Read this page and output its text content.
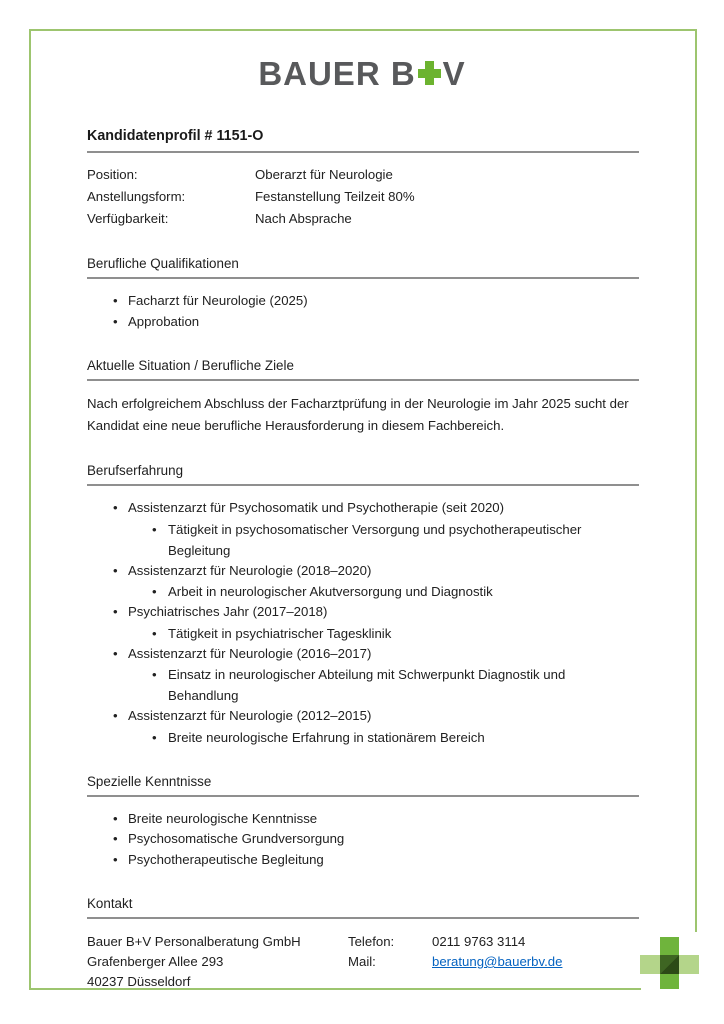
BAUER B V
Kandidatenprofil # 1151-O
Position:	Oberarzt für Neurologie
Anstellungsform:	Festanstellung Teilzeit 80%
Verfügbarkeit:	Nach Absprache
Berufliche Qualifikationen
• Facharzt für Neurologie (2025)
• Approbation
Aktuelle Situation / Berufliche Ziele

Nach erfolgreichem Abschluss der Facharztprüfung in der Neurologie im Jahr 2025 sucht der Kandidat eine neue berufliche Herausforderung in diesem Fachbereich.

Berufserfahrung
• Assistenzarzt für Psychosomatik und Psychotherapie (seit 2020)
• Tätigkeit in psychosomatischer Versorgung und psychotherapeutischer Begleitung
• Assistenzarzt für Neurologie (2018–2020)
• Arbeit in neurologischer Akutversorgung und Diagnostik
• Psychiatrisches Jahr (2017–2018)
• Tätigkeit in psychiatrischer Tagesklinik
• Assistenzarzt für Neurologie (2016–2017)
• Einsatz in neurologischer Abteilung mit Schwerpunkt Diagnostik und Behandlung
• Assistenzarzt für Neurologie (2012–2015)
• Breite neurologische Erfahrung in stationärem Bereich
Spezielle Kenntnisse
• Breite neurologische Kenntnisse
• Psychosomatische Grundversorgung
• Psychotherapeutische Begleitung
Kontakt
Bauer B+V Personalberatung GmbH
Grafenberger Allee 293
40237 Düsseldorf
Telefon:	0211 9763 3114
Mail:	beratung@bauerbv.de
